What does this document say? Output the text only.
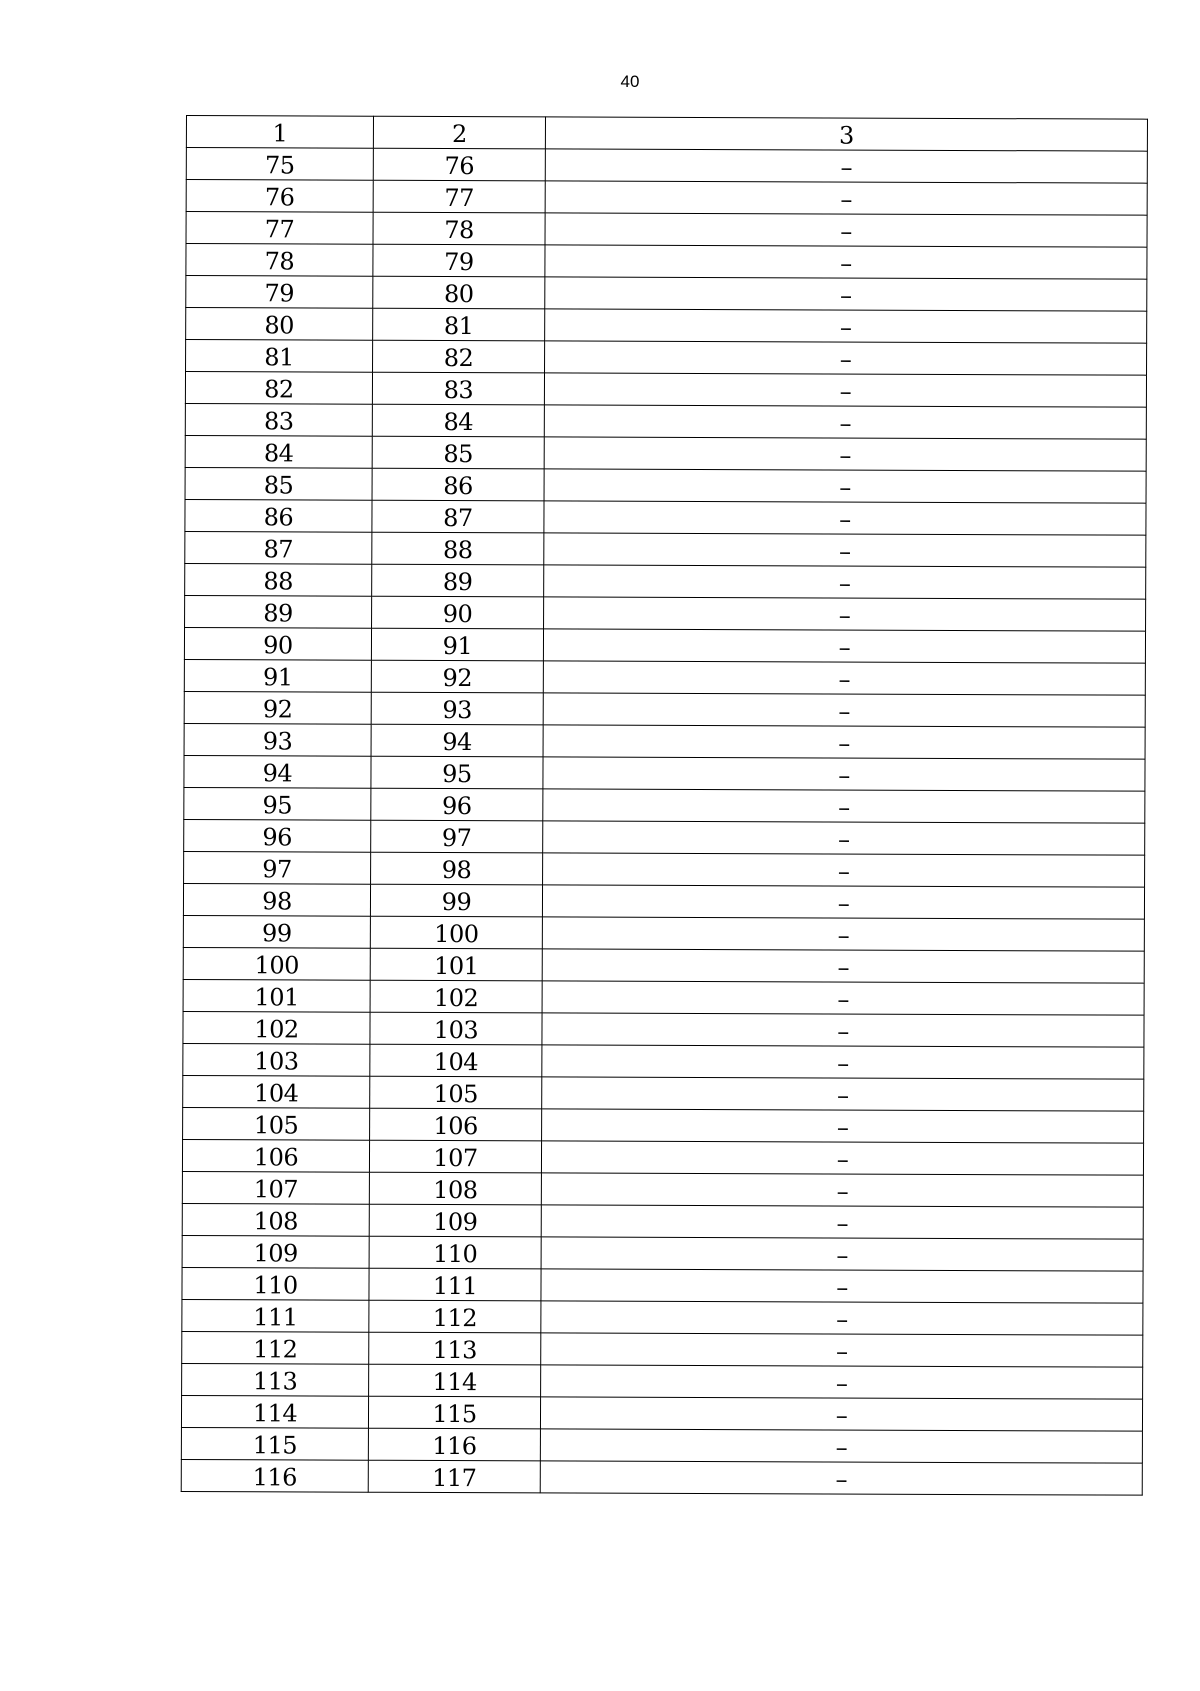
40
1	2	3
75	76	–
76	77	–
77	78	–
78	79	–
79	80	–
80	81	–
81	82	–
82	83	–
83	84	–
84	85	–
85	86	–
86	87	–
87	88	–
88	89	–
89	90	–
90	91	–
91	92	–
92	93	–
93	94	–
94	95	–
95	96	–
96	97	–
97	98	–
98	99	–
99	100	–
100	101	–
101	102	–
102	103	–
103	104	–
104	105	–
105	106	–
106	107	–
107	108	–
108	109	–
109	110	–
110	111	–
111	112	–
112	113	–
113	114	–
114	115	–
115	116	–
116	117	–
